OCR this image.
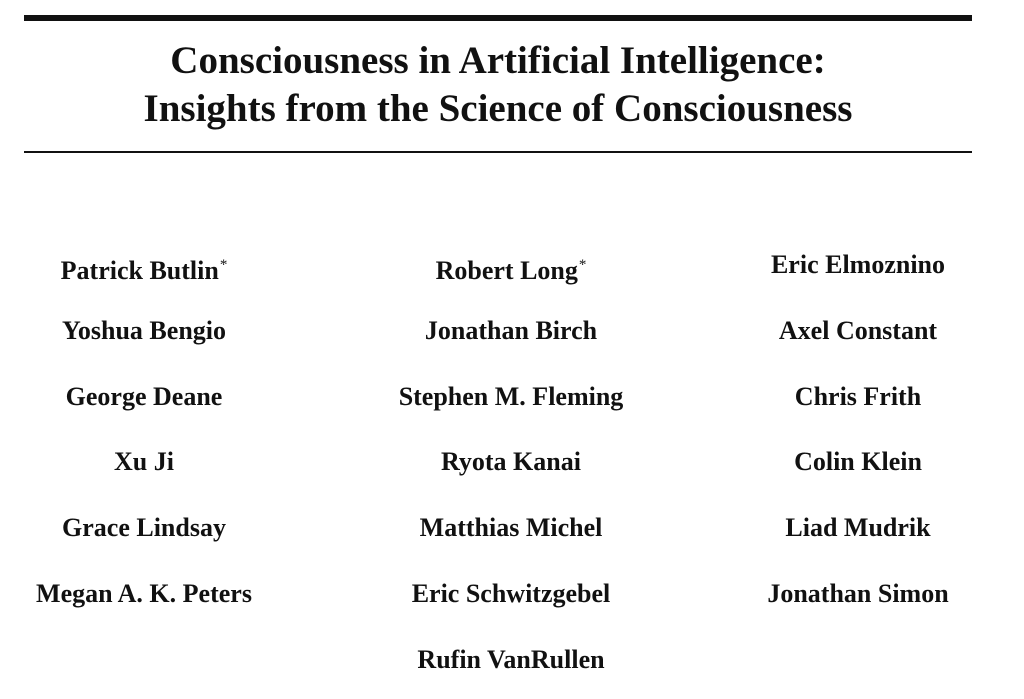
Consciousness in Artificial Intelligence:
Insights from the Science of Consciousness
Patrick Butlin*	Robert Long*	Eric Elmoznino
Yoshua Bengio	Jonathan Birch	Axel Constant
George Deane	Stephen M. Fleming	Chris Frith
Xu Ji	Ryota Kanai	Colin Klein
Grace Lindsay	Matthias Michel	Liad Mudrik
Megan A. K. Peters	Eric Schwitzgebel	Jonathan Simon
Rufin VanRullen
